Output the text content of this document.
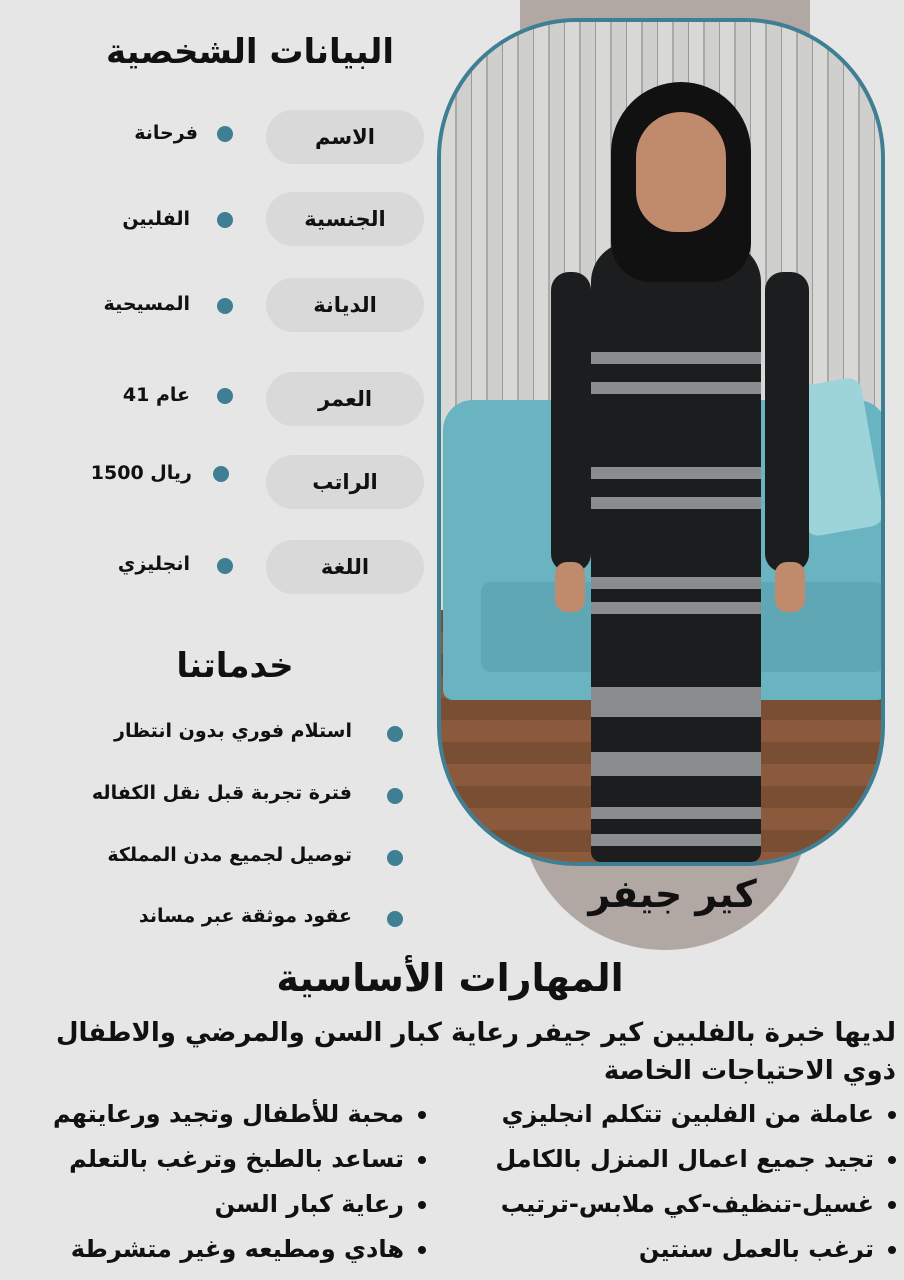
كير جيفر
البيانات الشخصية
الاسم
فرحانة
الجنسية
الفلبين
الديانة
المسيحية
العمر
41 عام
الراتب
1500 ريال
اللغة
انجليزي
خدماتنا
استلام فوري بدون انتظار
فترة تجربة قبل نقل الكفاله
توصيل لجميع مدن المملكة
عقود موثقة عبر مساند
المهارات الأساسية
لديها خبرة بالفلبين كير جيفر رعاية كبار السن والمرضي والاطفال ذوي الاحتياجات الخاصة
عاملة من الفلبين تتكلم انجليزي
تجيد جميع اعمال المنزل بالكامل
غسيل-تنظيف-كي ملابس-ترتيب
ترغب بالعمل سنتين
محبة للأطفال وتجيد ورعايتهم
تساعد بالطبخ وترغب بالتعلم
رعاية كبار السن
هادي ومطيعه وغير متشرطة
